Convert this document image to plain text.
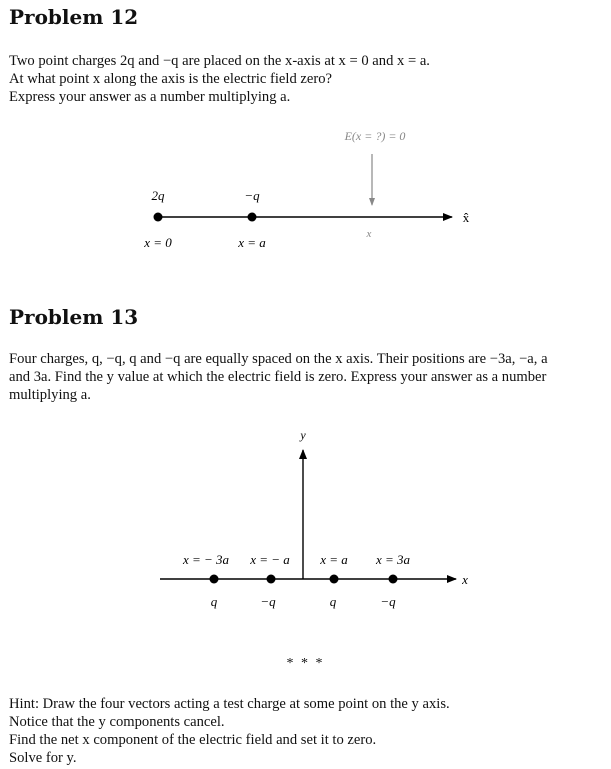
Problem 12
Two point charges 2q and −q are placed on the x-axis at x = 0 and x = a.
At what point x along the axis is the electric field zero?
Express your answer as a number multiplying a.
E(x = ?) = 0
2q	−q
x = 0	x = a
x
x̂
y
x
x = − 3a x = − a x = a x = 3a
q	−q	q	−q
Problem 13
Four charges, q, −q, q and −q are equally spaced on the x axis. Their positions are −3a, −a, a
and 3a. Find the y value at which the electric field is zero. Express your answer as a number
multiplying a.
* * *
Hint: Draw the four vectors acting a test charge at some point on the y axis.
Notice that the y components cancel.
Find the net x component of the electric field and set it to zero.
Solve for y.
